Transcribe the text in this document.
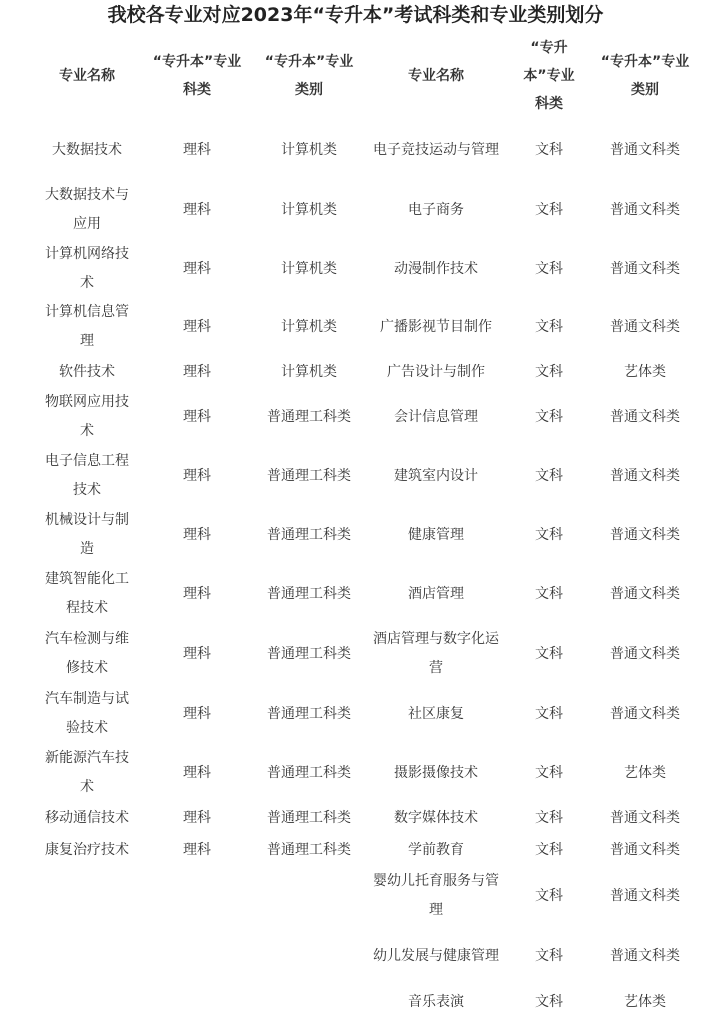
我校各专业对应2023年“专升本”考试科类和专业类别划分
专业名称	“专升本”专业科类	“专升本”专业类别	专业名称	“专升本”专业科类	“专升本”专业类别
大数据技术	理科	计算机类	电子竞技运动与管理	文科	普通文科类
大数据技术与应用	理科	计算机类	电子商务	文科	普通文科类
计算机网络技术	理科	计算机类	动漫制作技术	文科	普通文科类
计算机信息管理	理科	计算机类	广播影视节目制作	文科	普通文科类
软件技术	理科	计算机类	广告设计与制作	文科	艺体类
物联网应用技术	理科	普通理工科类	会计信息管理	文科	普通文科类
电子信息工程技术	理科	普通理工科类	建筑室内设计	文科	普通文科类
机械设计与制造	理科	普通理工科类	健康管理	文科	普通文科类
建筑智能化工程技术	理科	普通理工科类	酒店管理	文科	普通文科类
汽车检测与维修技术	理科	普通理工科类	酒店管理与数字化运营	文科	普通文科类
汽车制造与试验技术	理科	普通理工科类	社区康复	文科	普通文科类
新能源汽车技术	理科	普通理工科类	摄影摄像技术	文科	艺体类
移动通信技术	理科	普通理工科类	数字媒体技术	文科	普通文科类
康复治疗技术	理科	普通理工科类	学前教育	文科	普通文科类
			婴幼儿托育服务与管理	文科	普通文科类
			幼儿发展与健康管理	文科	普通文科类
			音乐表演	文科	艺体类
